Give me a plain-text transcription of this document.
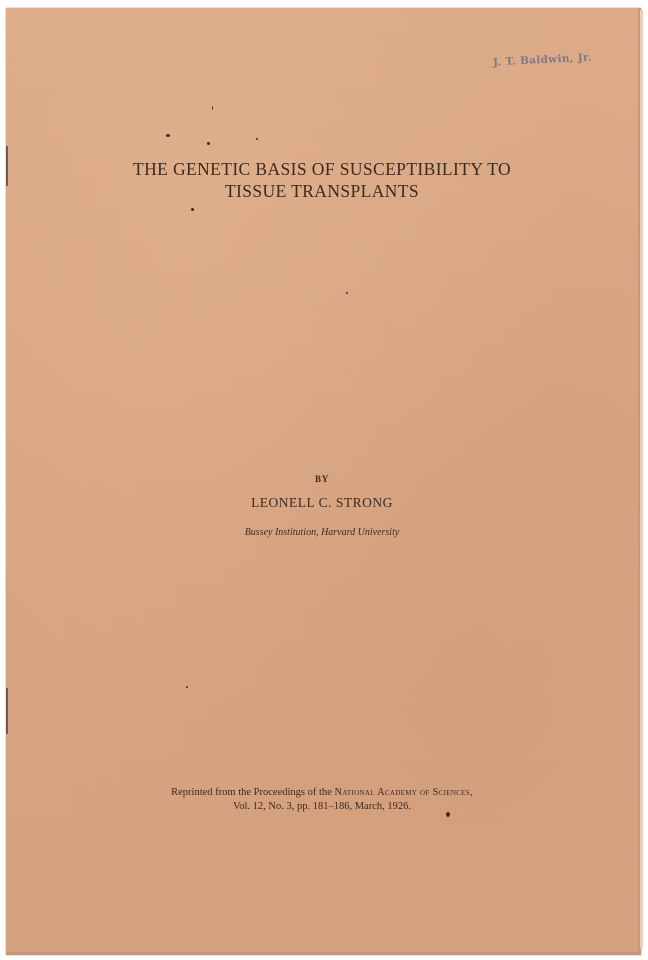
J. T. Baldwin, Jr.
THE GENETIC BASIS OF SUSCEPTIBILITY TO
TISSUE TRANSPLANTS
BY
LEONELL C. STRONG
Bussey Institution, Harvard University
Reprinted from the Proceedings of the National Academy of Sciences,
Vol. 12, No. 3, pp. 181–186, March, 1926.
